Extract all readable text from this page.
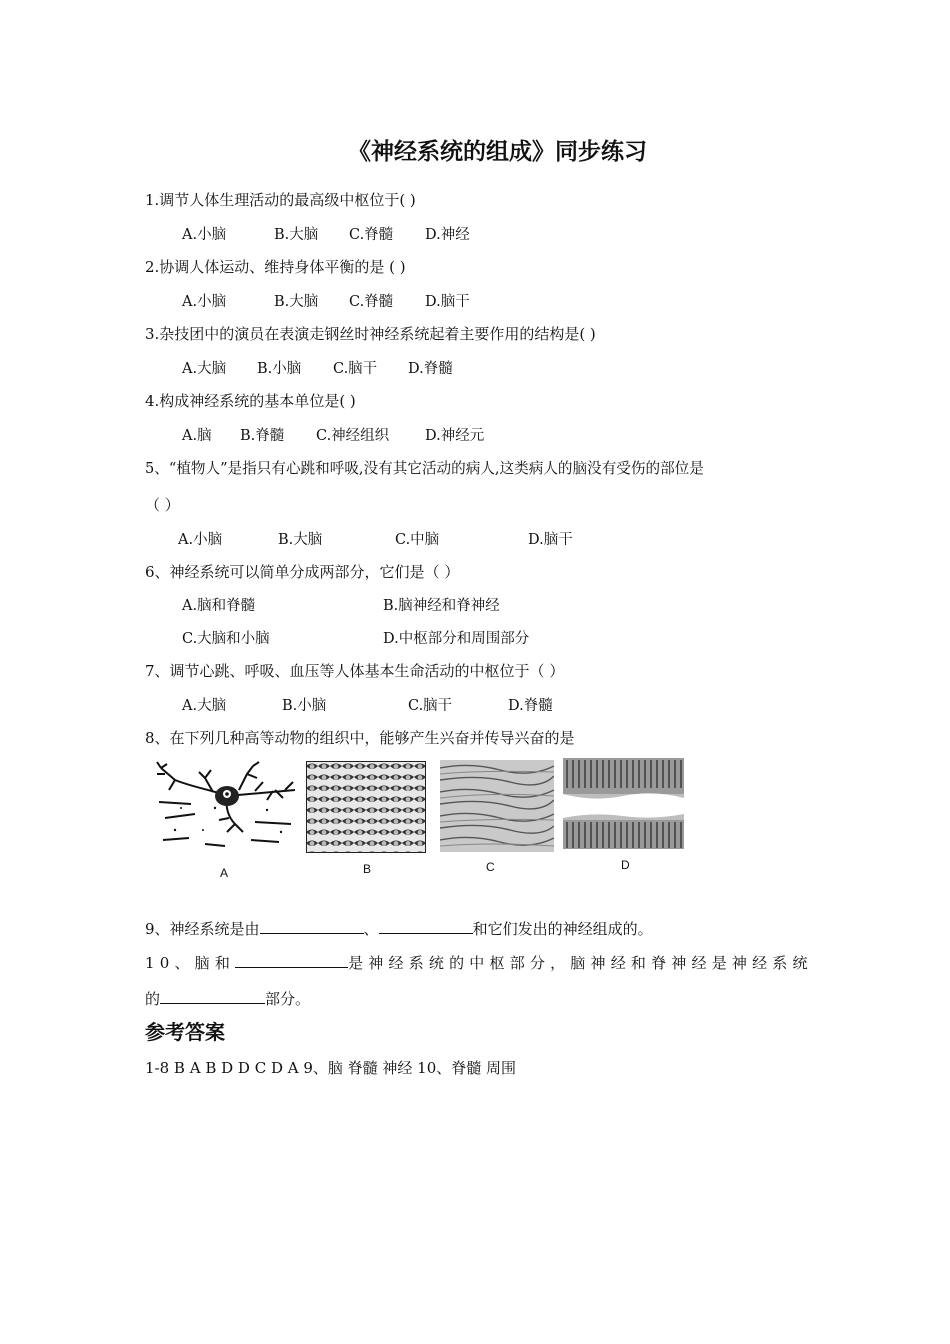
《神经系统的组成》同步练习
1.调节人体生理活动的最高级中枢位于( )
A.小脑	B.大脑 C.脊髓 D.神经
2.协调人体运动、维持身体平衡的是 ( )
A.小脑	B.大脑 C.脊髓 D.脑干
3.杂技团中的演员在表演走钢丝时神经系统起着主要作用的结构是( )
A.大脑 B.小脑 C.脑干 D.脊髓
4.构成神经系统的基本单位是( )
A.脑 B.脊髓 C.神经组织 D.神经元
5、“植物人”是指只有心跳和呼吸,没有其它活动的病人,这类病人的脑没有受伤的部位是
（ ）
A.小脑	B.大脑	C.中脑	D.脑干
6、神经系统可以简单分成两部分，它们是（ ）
A.脑和脊髓	B.脑神经和脊神经
C.大脑和小脑	D.中枢部分和周围部分
7、调节心跳、呼吸、血压等人体基本生命活动的中枢位于（ ）
A.大脑	B.小脑	C.脑干	D.脊髓
8、在下列几种高等动物的组织中，能够产生兴奋并传导兴奋的是
A	B	C	D
9、神经系统是由	、	和它们发出的神经组成的。
10、脑和	是神经系统的中枢部分，脑神经和脊神经是神经系统
的	部分。
参考答案
1-8 B A B D D C D A 9、脑 脊髓 神经 10、脊髓 周围
